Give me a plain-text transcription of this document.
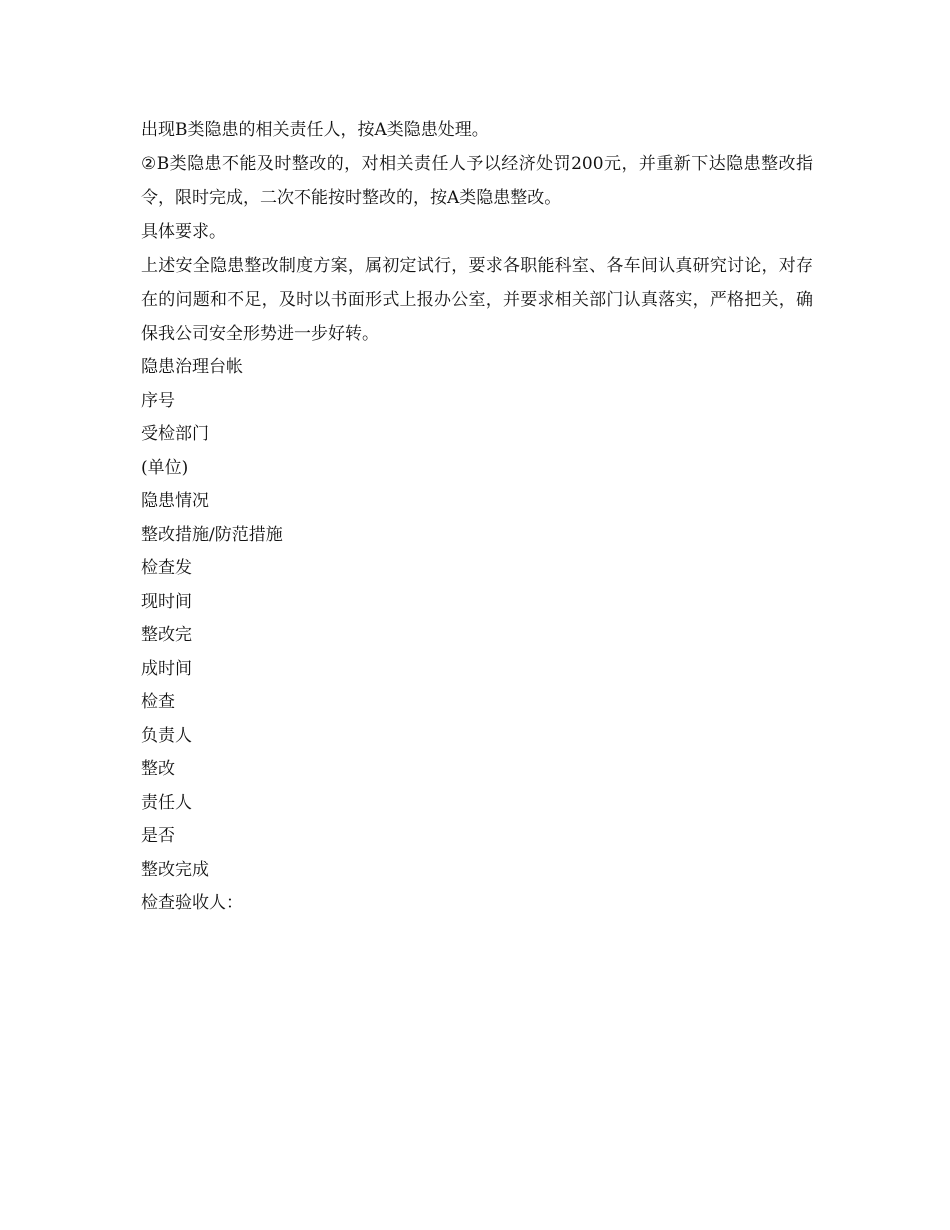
出现B类隐患的相关责任人，按A类隐患处理。

②B类隐患不能及时整改的，对相关责任人予以经济处罚200元，并重新下达隐患整改指令，限时完成，二次不能按时整改的，按A类隐患整改。

具体要求。

上述安全隐患整改制度方案，属初定试行，要求各职能科室、各车间认真研究讨论，对存在的问题和不足，及时以书面形式上报办公室，并要求相关部门认真落实，严格把关，确保我公司安全形势进一步好转。

隐患治理台帐

序号

受检部门

(单位)

隐患情况

整改措施/防范措施

检查发

现时间

整改完

成时间

检查

负责人

整改

责任人

是否

整改完成

检查验收人：
